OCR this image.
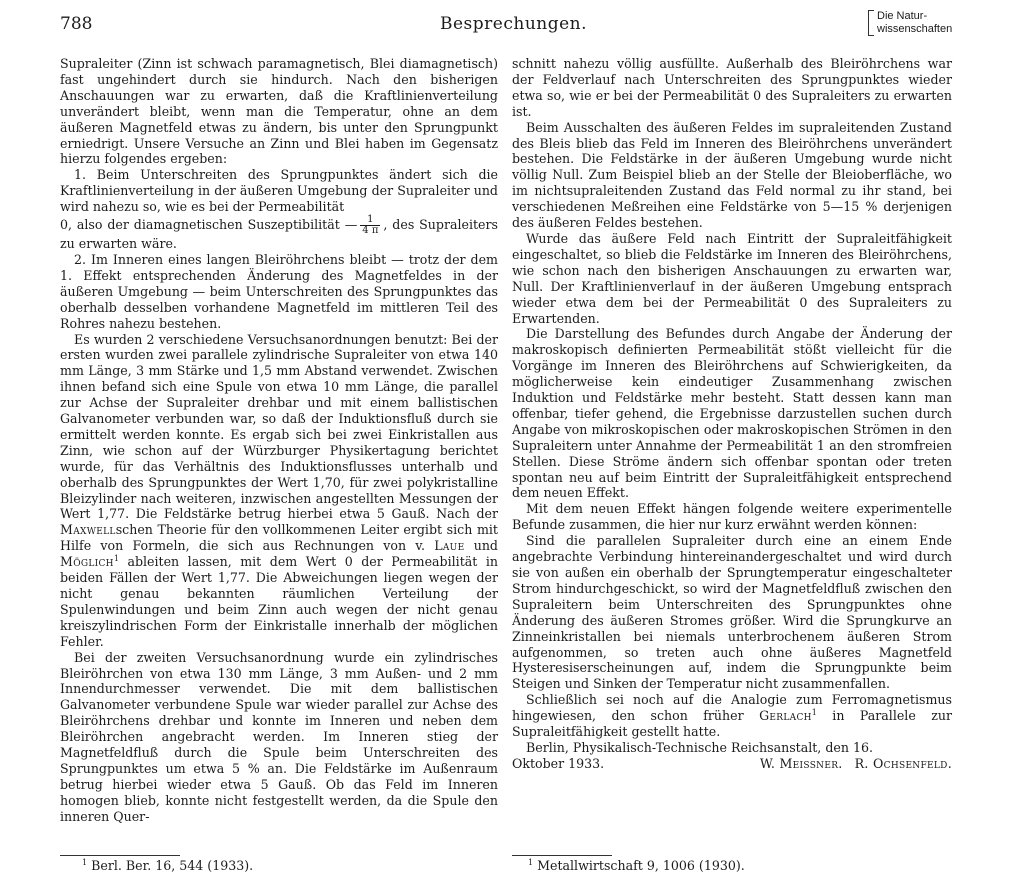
788	Besprechungen.	Die Natur-
wissenschaften

Supraleiter (Zinn ist schwach paramagnetisch, Blei diamagnetisch) fast ungehindert durch sie hindurch. Nach den bisherigen Anschauungen war zu erwarten, daß die Kraftlinienverteilung unverändert bleibt, wenn man die Temperatur, ohne an dem äußeren Magnetfeld etwas zu ändern, bis unter den Sprungpunkt erniedrigt. Unsere Versuche an Zinn und Blei haben im Gegensatz hierzu folgendes ergeben:

1. Beim Unterschreiten des Sprungpunktes ändert sich die Kraftlinienverteilung in der äußeren Umgebung der Supraleiter und wird nahezu so, wie es bei der Permeabilität

0, also der diamagnetischen Suszeptibilität — $\frac{1}{4 \pi}$ , des Supraleiters zu erwarten wäre.

2. Im Inneren eines langen Bleiröhrchens bleibt — trotz der dem 1. Effekt entsprechenden Änderung des Magnetfeldes in der äußeren Umgebung — beim Unterschreiten des Sprungpunktes das oberhalb desselben vorhandene Magnetfeld im mittleren Teil des Rohres nahezu bestehen.

Es wurden 2 verschiedene Versuchsanordnungen benutzt: Bei der ersten wurden zwei parallele zylindrische Supraleiter von etwa 140 mm Länge, 3 mm Stärke und 1,5 mm Abstand verwendet. Zwischen ihnen befand sich eine Spule von etwa 10 mm Länge, die parallel zur Achse der Supraleiter drehbar und mit einem ballistischen Galvanometer verbunden war, so daß der Induktionsfluß durch sie ermittelt werden konnte. Es ergab sich bei zwei Einkristallen aus Zinn, wie schon auf der Würzburger Physikertagung berichtet wurde, für das Verhältnis des Induktionsflusses unterhalb und oberhalb des Sprungpunktes der Wert 1,70, für zwei polykristalline Bleizylinder nach weiteren, inzwischen angestellten Messungen der Wert 1,77. Die Feldstärke betrug hierbei etwa 5 Gauß. Nach der Maxwellschen Theorie für den vollkommenen Leiter ergibt sich mit Hilfe von Formeln, die sich aus Rechnungen von v. Laue und Möglich$^1$ ableiten lassen, mit dem Wert 0 der Permeabilität in beiden Fällen der Wert 1,77. Die Abweichungen liegen wegen der nicht genau bekannten räumlichen Verteilung der Spulenwindungen und beim Zinn auch wegen der nicht genau kreiszylindrischen Form der Einkristalle innerhalb der möglichen Fehler.

Bei der zweiten Versuchsanordnung wurde ein zylindrisches Bleiröhrchen von etwa 130 mm Länge, 3 mm Außen- und 2 mm Innendurchmesser verwendet. Die mit dem ballistischen Galvanometer verbundene Spule war wieder parallel zur Achse des Bleiröhrchens drehbar und konnte im Inneren und neben dem Bleiröhrchen angebracht werden. Im Inneren stieg der Magnetfeldfluß durch die Spule beim Unterschreiten des Sprungpunktes um etwa 5 % an. Die Feldstärke im Außenraum betrug hierbei wieder etwa 5 Gauß. Ob das Feld im Inneren homogen blieb, konnte nicht festgestellt werden, da die Spule den inneren Quer-

schnitt nahezu völlig ausfüllte. Außerhalb des Bleiröhrchens war der Feldverlauf nach Unterschreiten des Sprungpunktes wieder etwa so, wie er bei der Permeabilität 0 des Supraleiters zu erwarten ist.

Beim Ausschalten des äußeren Feldes im supraleitenden Zustand des Bleis blieb das Feld im Inneren des Bleiröhrchens unverändert bestehen. Die Feldstärke in der äußeren Umgebung wurde nicht völlig Null. Zum Beispiel blieb an der Stelle der Bleioberfläche, wo im nichtsupraleitenden Zustand das Feld normal zu ihr stand, bei verschiedenen Meßreihen eine Feldstärke von 5—15 % derjenigen des äußeren Feldes bestehen.

Wurde das äußere Feld nach Eintritt der Supraleitfähigkeit eingeschaltet, so blieb die Feldstärke im Inneren des Bleiröhrchens, wie schon nach den bisherigen Anschauungen zu erwarten war, Null. Der Kraftlinienverlauf in der äußeren Umgebung entsprach wieder etwa dem bei der Permeabilität 0 des Supraleiters zu Erwartenden.

Die Darstellung des Befundes durch Angabe der Änderung der makroskopisch definierten Permeabilität stößt vielleicht für die Vorgänge im Inneren des Bleiröhrchens auf Schwierigkeiten, da möglicherweise kein eindeutiger Zusammenhang zwischen Induktion und Feldstärke mehr besteht. Statt dessen kann man offenbar, tiefer gehend, die Ergebnisse darzustellen suchen durch Angabe von mikroskopischen oder makroskopischen Strömen in den Supraleitern unter Annahme der Permeabilität 1 an den stromfreien Stellen. Diese Ströme ändern sich offenbar spontan oder treten spontan neu auf beim Eintritt der Supraleitfähigkeit entsprechend dem neuen Effekt.

Mit dem neuen Effekt hängen folgende weitere experimentelle Befunde zusammen, die hier nur kurz erwähnt werden können:

Sind die parallelen Supraleiter durch eine an einem Ende angebrachte Verbindung hintereinandergeschaltet und wird durch sie von außen ein oberhalb der Sprungtemperatur eingeschalteter Strom hindurchgeschickt, so wird der Magnetfeldfluß zwischen den Supraleitern beim Unterschreiten des Sprungpunktes ohne Änderung des äußeren Stromes größer. Wird die Sprungkurve an Zinneinkristallen bei niemals unterbrochenem äußeren Strom aufgenommen, so treten auch ohne äußeres Magnetfeld Hysteresiserscheinungen auf, indem die Sprungpunkte beim Steigen und Sinken der Temperatur nicht zusammenfallen.

Schließlich sei noch auf die Analogie zum Ferromagnetismus hingewiesen, den schon früher Gerlach$^1$ in Parallele zur Supraleitfähigkeit gestellt hatte.

Berlin, Physikalisch-Technische Reichsanstalt, den 16.

Oktober 1933.	W. Meissner. R. Ochsenfeld.
$^1$ Berl. Ber. 16, 544 (1933).	$^1$ Metallwirtschaft 9, 1006 (1930).
